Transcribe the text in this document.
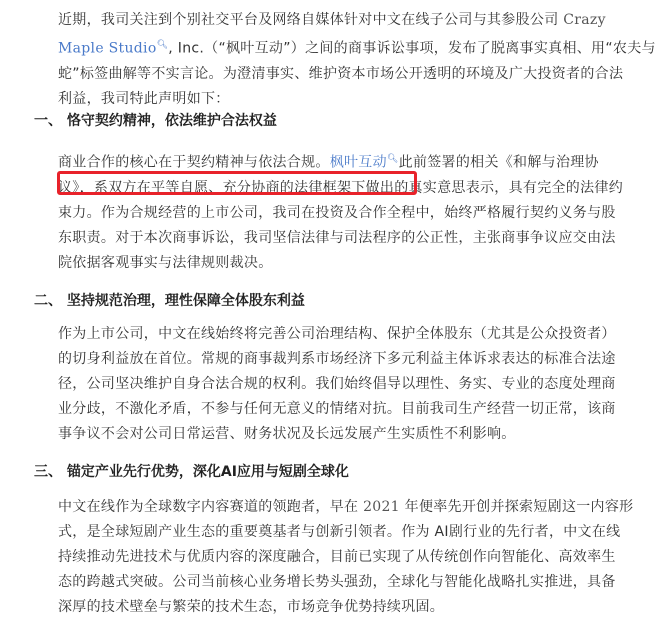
近期，我司关注到个别社交平台及网络自媒体针对中文在线子公司与其参股公司 Crazy
Maple Studio🔍︎, Inc.（“枫叶互动”）之间的商事诉讼事项，发布了脱离事实真相、用“农夫与
蛇”标签曲解等不实言论。为澄清事实、维护资本市场公开透明的环境及广大投资者的合法
利益，我司特此声明如下：

一、 恪守契约精神，依法维护合法权益

商业合作的核心在于契约精神与依法合规。枫叶互动🔍︎此前签署的相关《和解与治理协
议》，系双方在平等自愿、充分协商的法律框架下做出的真实意思表示，具有完全的法律约
束力。作为合规经营的上市公司，我司在投资及合作全程中，始终严格履行契约义务与股
东职责。对于本次商事诉讼，我司坚信法律与司法程序的公正性，主张商事争议应交由法
院依据客观事实与法律规则裁决。

二、 坚持规范治理，理性保障全体股东利益

作为上市公司，中文在线始终将完善公司治理结构、保护全体股东（尤其是公众投资者）
的切身利益放在首位。常规的商事裁判系市场经济下多元利益主体诉求表达的标准合法途
径，公司坚决维护自身合法合规的权利。我们始终倡导以理性、务实、专业的态度处理商
业分歧，不激化矛盾，不参与任何无意义的情绪对抗。目前我司生产经营一切正常，该商
事争议不会对公司日常运营、财务状况及长远发展产生实质性不利影响。

三、 锚定产业先行优势，深化AI应用与短剧全球化

中文在线作为全球数字内容赛道的领跑者，早在 2021 年便率先开创并探索短剧这一内容形
式，是全球短剧产业生态的重要奠基者与创新引领者。作为 AI剧行业的先行者，中文在线
持续推动先进技术与优质内容的深度融合，目前已实现了从传统创作向智能化、高效率生
态的跨越式突破。公司当前核心业务增长势头强劲，全球化与智能化战略扎实推进，具备
深厚的技术壁垒与繁荣的技术生态，市场竞争优势持续巩固。
